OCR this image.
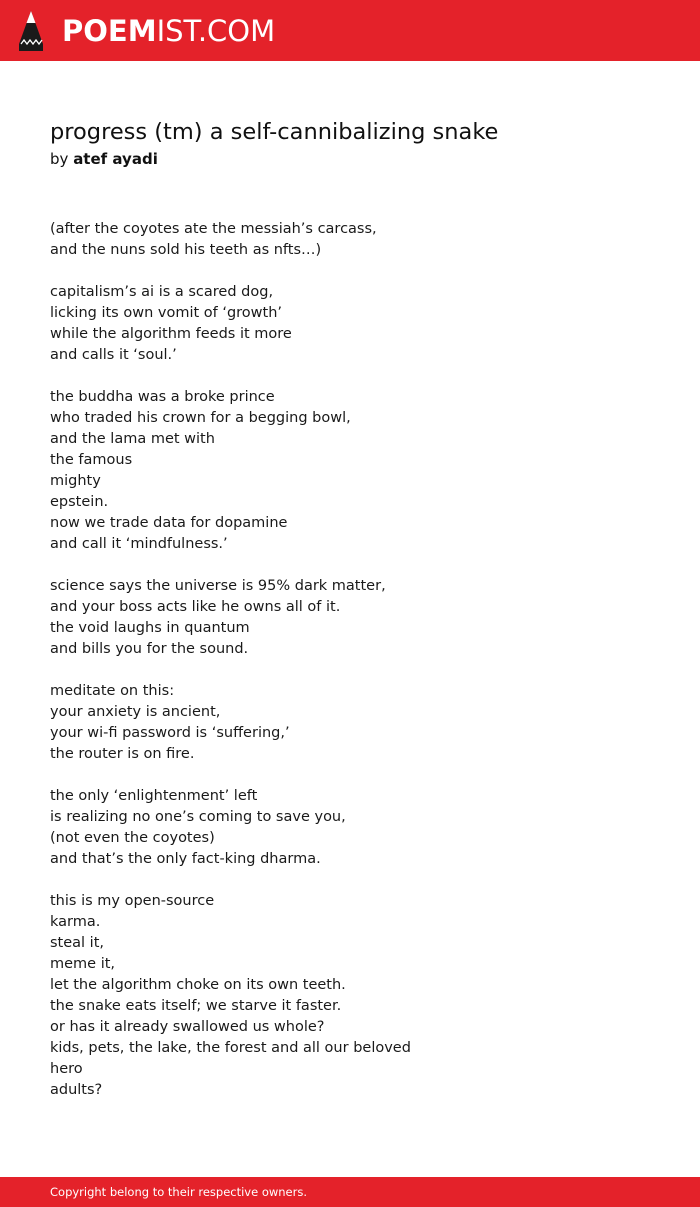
POEMIST.COM
progress (tm) a self-cannibalizing snake

by atef ayadi

(after the coyotes ate the messiah’s carcass,
and the nuns sold his teeth as nfts…)
capitalism’s ai is a scared dog,
licking its own vomit of ‘growth’
while the algorithm feeds it more
and calls it ‘soul.’
the buddha was a broke prince
who traded his crown for a begging bowl,
and the lama met with
the famous
mighty
epstein.
now we trade data for dopamine
and call it ‘mindfulness.’
science says the universe is 95% dark matter,
and your boss acts like he owns all of it.
the void laughs in quantum
and bills you for the sound.
meditate on this:
your anxiety is ancient,
your wi-fi password is ‘suffering,’
the router is on fire.
the only ‘enlightenment’ left
is realizing no one’s coming to save you,
(not even the coyotes)
and that’s the only fact-king dharma.
this is my open-source
karma.
steal it,
meme it,
let the algorithm choke on its own teeth.
the snake eats itself; we starve it faster.
or has it already swallowed us whole?
kids, pets, the lake, the forest and all our beloved
hero
adults?
Copyright belong to their respective owners.
